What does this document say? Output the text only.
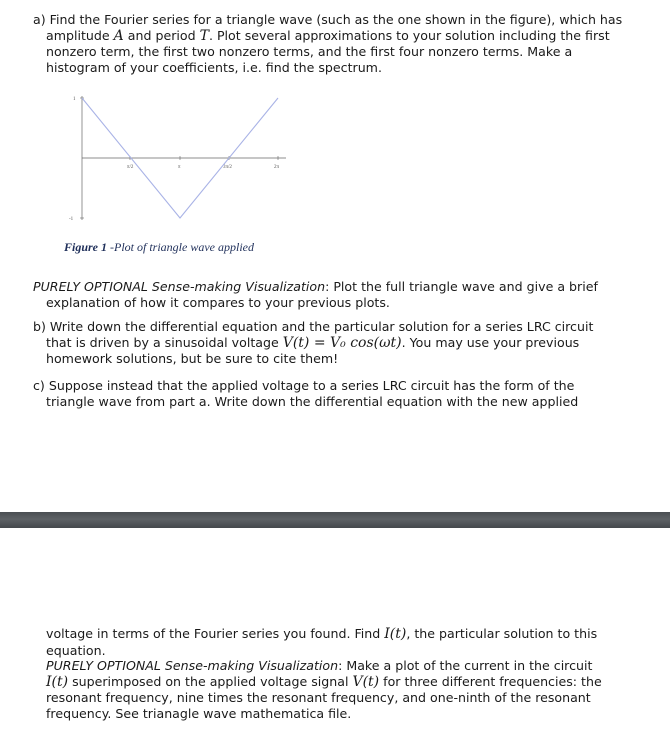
a) Find the Fourier series for a triangle wave (such as the one shown in the figure), which has amplitude A and period T. Plot several approximations to your solution including the first nonzero term, the first two nonzero terms, and the first four nonzero terms. Make a histogram of your coefficients, i.e. find the spectrum.

1
-1
π/2	π	3π/2	2π
Figure 1 -Plot of triangle wave applied

PURELY OPTIONAL Sense-making Visualization: Plot the full triangle wave and give a brief explanation of how it compares to your previous plots.

b) Write down the differential equation and the particular solution for a series LRC circuit that is driven by a sinusoidal voltage V(t) = V₀ cos(ωt). You may use your previous homework solutions, but be sure to cite them!

c) Suppose instead that the applied voltage to a series LRC circuit has the form of the triangle wave from part a. Write down the differential equation with the new applied

voltage in terms of the Fourier series you found. Find I(t), the particular solution to this equation.
PURELY OPTIONAL Sense-making Visualization: Make a plot of the current in the circuit I(t) superimposed on the applied voltage signal V(t) for three different frequencies: the resonant frequency, nine times the resonant frequency, and one-ninth of the resonant frequency. See trianagle wave mathematica file.
